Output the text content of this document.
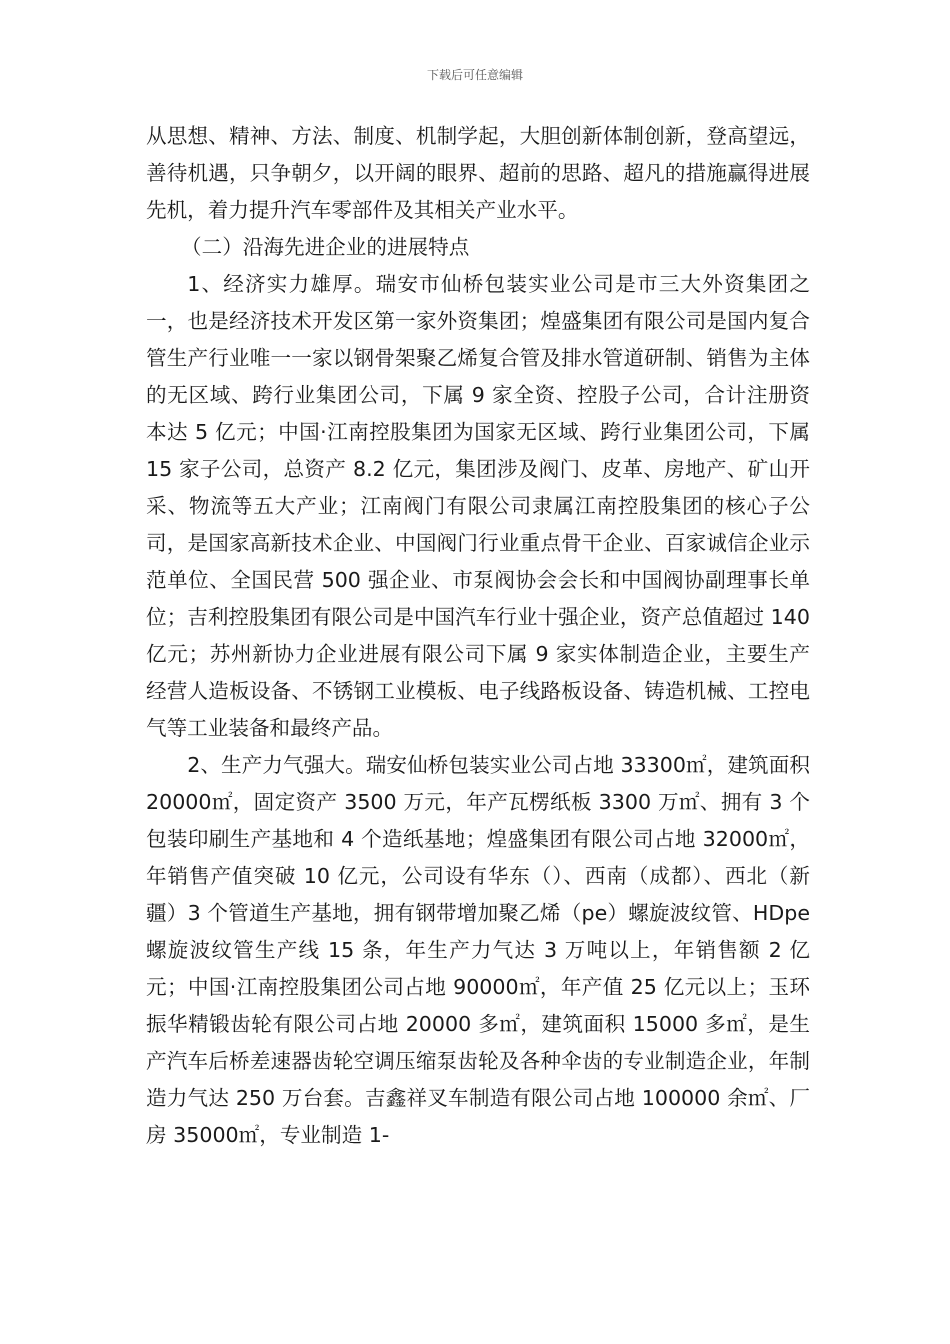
下载后可任意编辑

从思想、精神、方法、制度、机制学起，大胆创新体制创新，登高望远，善待机遇，只争朝夕，以开阔的眼界、超前的思路、超凡的措施赢得进展先机，着力提升汽车零部件及其相关产业水平。

（二）沿海先进企业的进展特点

1、经济实力雄厚。瑞安市仙桥包装实业公司是市三大外资集团之一，也是经济技术开发区第一家外资集团；煌盛集团有限公司是国内复合管生产行业唯一一家以钢骨架聚乙烯复合管及排水管道研制、销售为主体的无区域、跨行业集团公司，下属 9 家全资、控股子公司，合计注册资本达 5 亿元；中国·江南控股集团为国家无区域、跨行业集团公司，下属 15 家子公司，总资产 8.2 亿元，集团涉及阀门、皮革、房地产、矿山开采、物流等五大产业；江南阀门有限公司隶属江南控股集团的核心子公司，是国家高新技术企业、中国阀门行业重点骨干企业、百家诚信企业示范单位、全国民营 500 强企业、市泵阀协会会长和中国阀协副理事长单位；吉利控股集团有限公司是中国汽车行业十强企业，资产总值超过 140 亿元；苏州新协力企业进展有限公司下属 9 家实体制造企业，主要生产经营人造板设备、不锈钢工业模板、电子线路板设备、铸造机械、工控电气等工业装备和最终产品。

2、生产力气强大。瑞安仙桥包装实业公司占地 33300㎡，建筑面积 20000㎡，固定资产 3500 万元，年产瓦楞纸板 3300 万㎡、拥有 3 个包装印刷生产基地和 4 个造纸基地；煌盛集团有限公司占地 32000㎡，年销售产值突破 10 亿元，公司设有华东（）、西南（成都）、西北（新疆）3 个管道生产基地，拥有钢带增加聚乙烯（pe）螺旋波纹管、HDpe 螺旋波纹管生产线 15 条，年生产力气达 3 万吨以上，年销售额 2 亿元；中国·江南控股集团公司占地 90000㎡，年产值 25 亿元以上；玉环振华精锻齿轮有限公司占地 20000 多㎡，建筑面积 15000 多㎡，是生产汽车后桥差速器齿轮空调压缩泵齿轮及各种伞齿的专业制造企业，年制造力气达 250 万台套。吉鑫祥叉车制造有限公司占地 100000 余㎡、厂房 35000㎡，专业制造 1-
